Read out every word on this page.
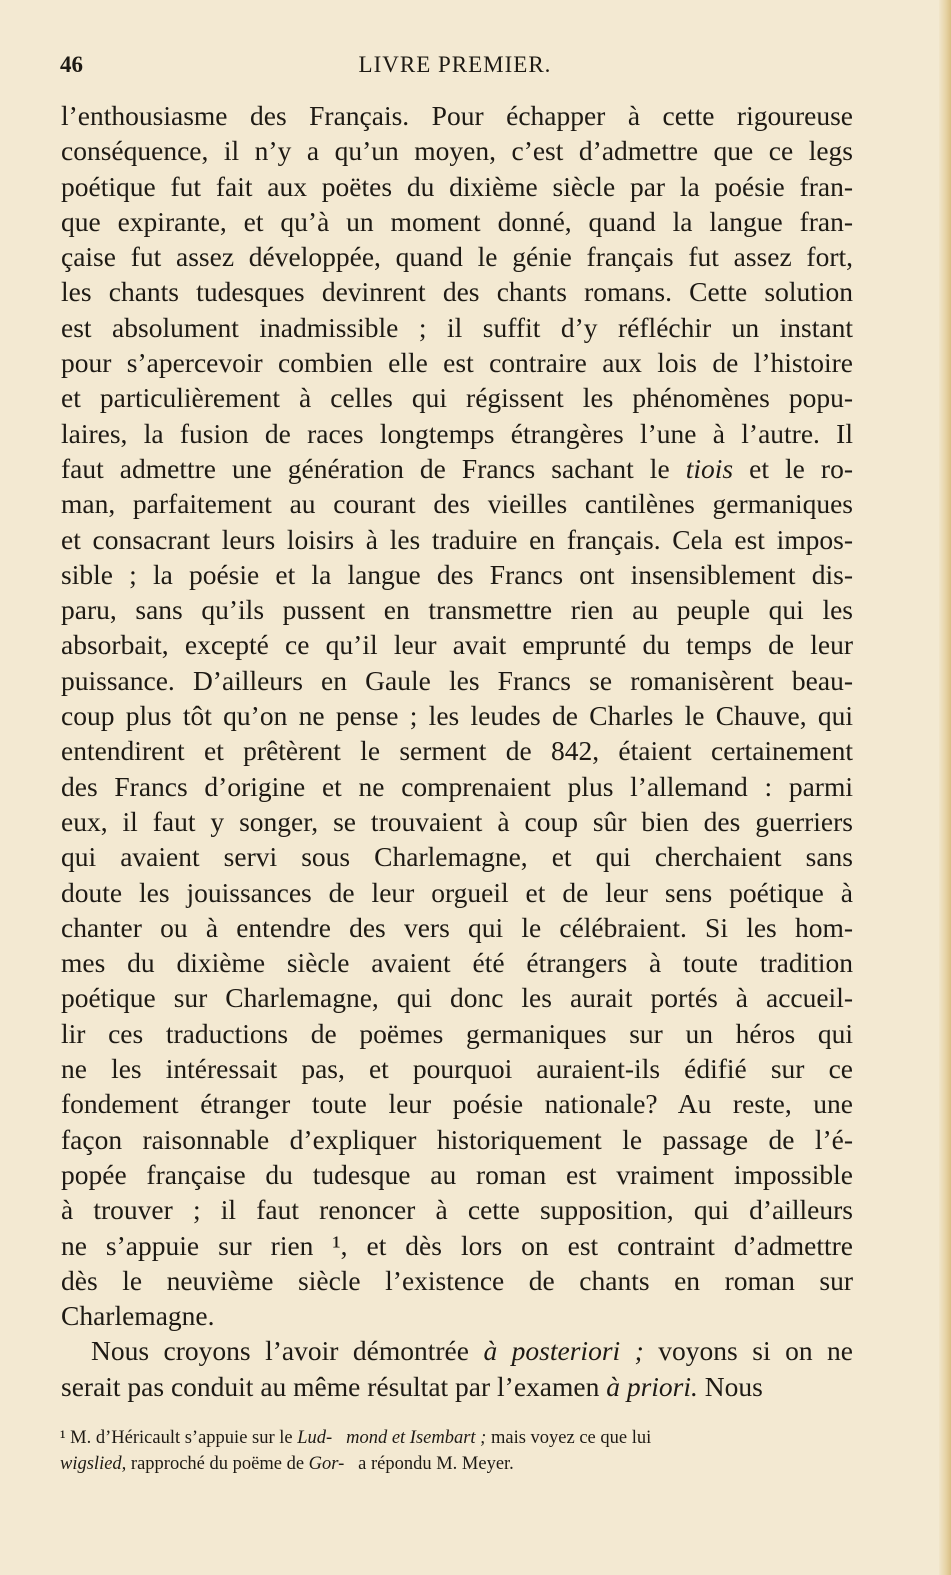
46	LIVRE PREMIER.
l’enthousiasme des Français. Pour échapper à cette rigoureuse
conséquence, il n’y a qu’un moyen, c’est d’admettre que ce legs
poétique fut fait aux poëtes du dixième siècle par la poésie fran-
que expirante, et qu’à un moment donné, quand la langue fran-
çaise fut assez développée, quand le génie français fut assez fort,
les chants tudesques devinrent des chants romans. Cette solution
est absolument inadmissible ; il suffit d’y réfléchir un instant
pour s’apercevoir combien elle est contraire aux lois de l’histoire
et particulièrement à celles qui régissent les phénomènes popu-
laires, la fusion de races longtemps étrangères l’une à l’autre. Il
faut admettre une génération de Francs sachant le tiois et le ro-
man, parfaitement au courant des vieilles cantilènes germaniques
et consacrant leurs loisirs à les traduire en français. Cela est impos-
sible ; la poésie et la langue des Francs ont insensiblement dis-
paru, sans qu’ils pussent en transmettre rien au peuple qui les
absorbait, excepté ce qu’il leur avait emprunté du temps de leur
puissance. D’ailleurs en Gaule les Francs se romanisèrent beau-
coup plus tôt qu’on ne pense ; les leudes de Charles le Chauve, qui
entendirent et prêtèrent le serment de 842, étaient certainement
des Francs d’origine et ne comprenaient plus l’allemand : parmi
eux, il faut y songer, se trouvaient à coup sûr bien des guerriers
qui avaient servi sous Charlemagne, et qui cherchaient sans
doute les jouissances de leur orgueil et de leur sens poétique à
chanter ou à entendre des vers qui le célébraient. Si les hom-
mes du dixième siècle avaient été étrangers à toute tradition
poétique sur Charlemagne, qui donc les aurait portés à accueil-
lir ces traductions de poëmes germaniques sur un héros qui
ne les intéressait pas, et pourquoi auraient-ils édifié sur ce
fondement étranger toute leur poésie nationale? Au reste, une
façon raisonnable d’expliquer historiquement le passage de l’é-
popée française du tudesque au roman est vraiment impossible
à trouver ; il faut renoncer à cette supposition, qui d’ailleurs
ne s’appuie sur rien ¹, et dès lors on est contraint d’admettre
dès le neuvième siècle l’existence de chants en roman sur
Charlemagne.
Nous croyons l’avoir démontrée à posteriori ; voyons si on ne
serait pas conduit au même résultat par l’examen à priori. Nous
¹ M. d’Héricault s’appuie sur le Lud- mond et Isembart ; mais voyez ce que lui
wigslied, rapproché du poëme de Gor-   a répondu M. Meyer.
